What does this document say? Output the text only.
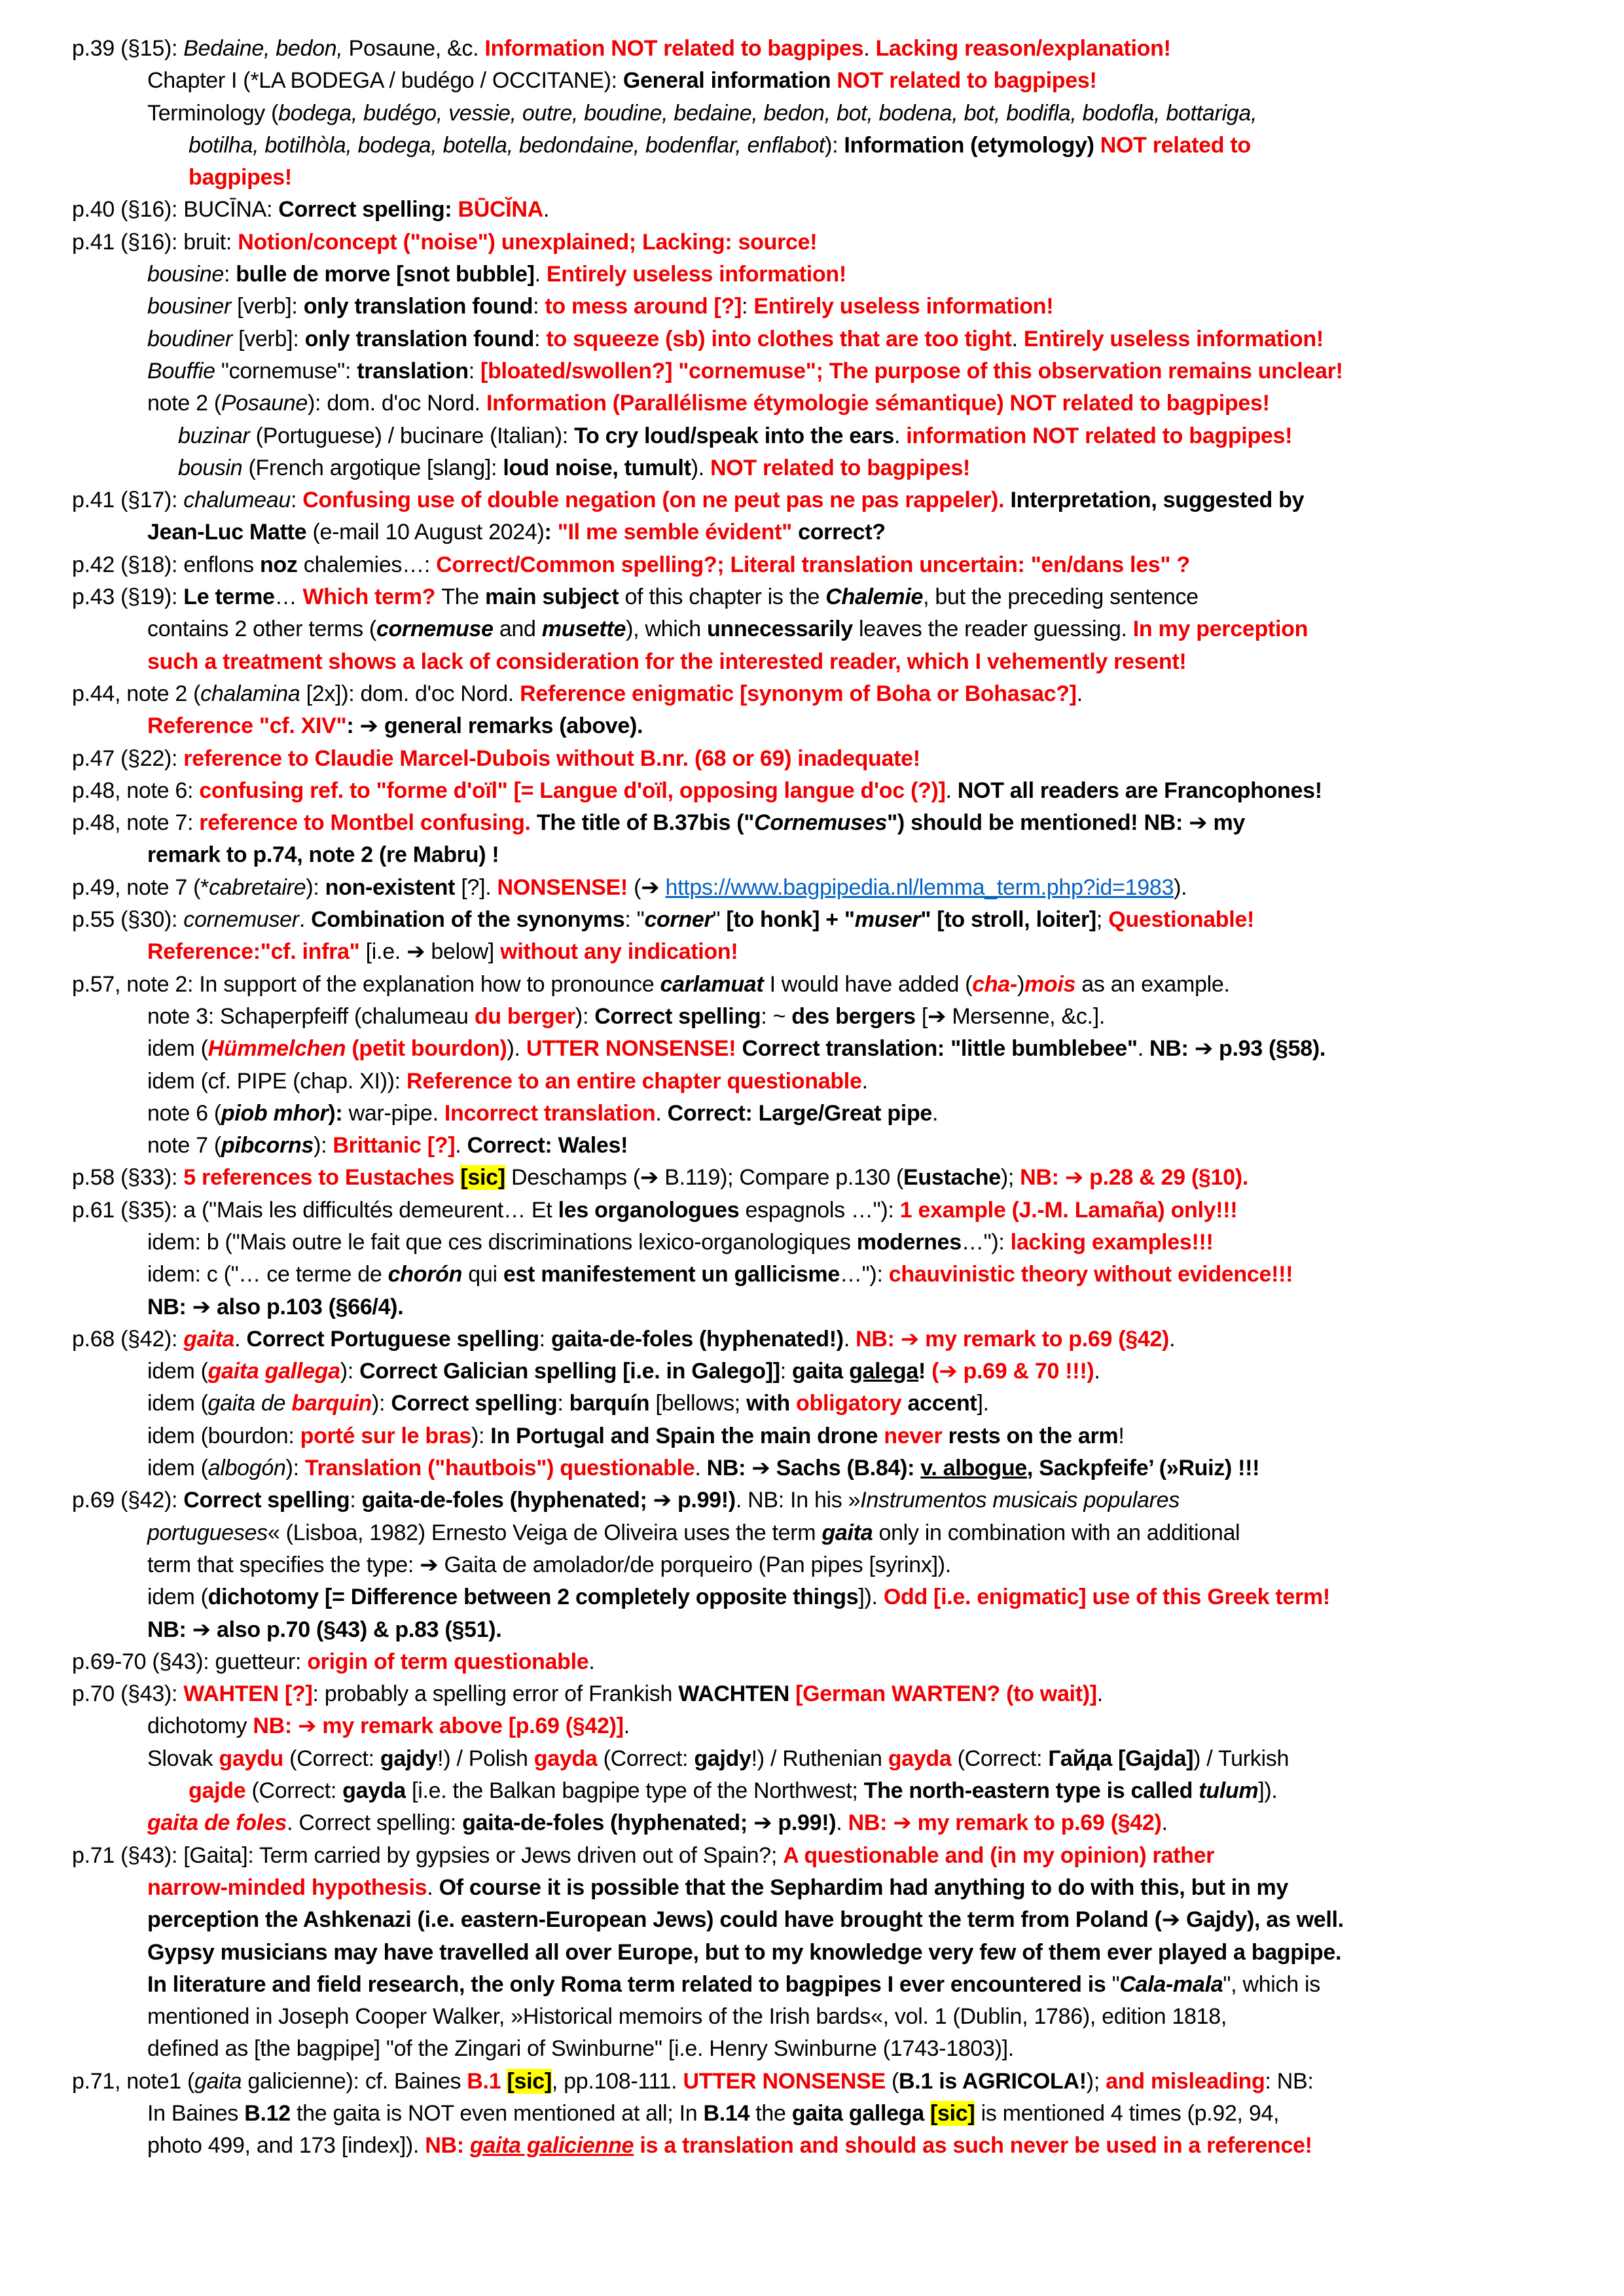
p.39 (§15): Bedaine, bedon, Posaune, &c. Information NOT related to bagpipes. Lacking reason/explanation!
Chapter I (*LA BODEGA / budégo / OCCITANE): General information NOT related to bagpipes!
Terminology (bodega, budégo, vessie, outre, boudine, bedaine, bedon, bot, bodena, bot, bodifla, bodofla, bottariga,
botilha, botilhòla, bodega, botella, bedondaine, bodenflar, enflabot): Information (etymology) NOT related to
bagpipes!
p.40 (§16): BUCĪNA: Correct spelling: BŪCĬNA.
p.41 (§16): bruit: Notion/concept ("noise") unexplained; Lacking: source!
bousine: bulle de morve [snot bubble]. Entirely useless information!
bousiner [verb]: only translation found: to mess around [?]: Entirely useless information!
boudiner [verb]: only translation found: to squeeze (sb) into clothes that are too tight. Entirely useless information!
Bouffie "cornemuse": translation: [bloated/swollen?] "cornemuse"; The purpose of this observation remains unclear!
note 2 (Posaune): dom. d'oc Nord. Information (Parallélisme étymologie sémantique) NOT related to bagpipes!
buzinar (Portuguese) / bucinare (Italian): To cry loud/speak into the ears. information NOT related to bagpipes!
bousin (French argotique [slang]: loud noise, tumult). NOT related to bagpipes!
p.41 (§17): chalumeau: Confusing use of double negation (on ne peut pas ne pas rappeler). Interpretation, suggested by
Jean-Luc Matte (e-mail 10 August 2024): "Il me semble évident" correct?
p.42 (§18): enflons noz chalemies…: Correct/Common spelling?; Literal translation uncertain: "en/dans les" ?
p.43 (§19): Le terme… Which term? The main subject of this chapter is the Chalemie, but the preceding sentence
contains 2 other terms (cornemuse and musette), which unnecessarily leaves the reader guessing. In my perception
such a treatment shows a lack of consideration for the interested reader, which I vehemently resent!
p.44, note 2 (chalamina [2x]): dom. d'oc Nord. Reference enigmatic [synonym of Boha or Bohasac?].
Reference "cf. XIV": ➔ general remarks (above).
p.47 (§22): reference to Claudie Marcel-Dubois without B.nr. (68 or 69) inadequate!
p.48, note 6: confusing ref. to "forme d'oïl" [= Langue d'oïl, opposing langue d'oc (?)]. NOT all readers are Francophones!
p.48, note 7: reference to Montbel confusing. The title of B.37bis ("Cornemuses") should be mentioned! NB: ➔ my
remark to p.74, note 2 (re Mabru) !
p.49, note 7 (*cabretaire): non-existent [?]. NONSENSE! (➔ https://www.bagpipedia.nl/lemma_term.php?id=1983).
p.55 (§30): cornemuser. Combination of the synonyms: "corner" [to honk] + "muser" [to stroll, loiter]; Questionable!
Reference:"cf. infra" [i.e. ➔ below] without any indication!
p.57, note 2: In support of the explanation how to pronounce carlamuat I would have added (cha-)mois as an example.
note 3: Schaperpfeiff (chalumeau du berger): Correct spelling: ~ des bergers [➔ Mersenne, &c.].
idem (Hümmelchen (petit bourdon)). UTTER NONSENSE! Correct translation: "little bumblebee". NB: ➔ p.93 (§58).
idem (cf. PIPE (chap. XI)): Reference to an entire chapter questionable.
note 6 (piob mhor): war-pipe. Incorrect translation. Correct: Large/Great pipe.
note 7 (pibcorns): Brittanic [?]. Correct: Wales!
p.58 (§33): 5 references to Eustaches [sic] Deschamps (➔ B.119); Compare p.130 (Eustache); NB: ➔ p.28 & 29 (§10).
p.61 (§35): a ("Mais les difficultés demeurent… Et les organologues espagnols …"): 1 example (J.-M. Lamaña) only!!!
idem: b ("Mais outre le fait que ces discriminations lexico-organologiques modernes…"): lacking examples!!!
idem: c ("… ce terme de chorón qui est manifestement un gallicisme…"): chauvinistic theory without evidence!!!
NB: ➔ also p.103 (§66/4).
p.68 (§42): gaita. Correct Portuguese spelling: gaita-de-foles (hyphenated!). NB: ➔ my remark to p.69 (§42).
idem (gaita gallega): Correct Galician spelling [i.e. in Galego]]: gaita galega! (➔ p.69 & 70 !!!).
idem (gaita de barquin): Correct spelling: barquín [bellows; with obligatory accent].
idem (bourdon: porté sur le bras): In Portugal and Spain the main drone never rests on the arm!
idem (albogón): Translation ("hautbois") questionable. NB: ➔ Sachs (B.84): v. albogue, Sackpfeife’ (»Ruiz) !!!
p.69 (§42): Correct spelling: gaita-de-foles (hyphenated; ➔ p.99!). NB: In his »Instrumentos musicais populares
portugueses« (Lisboa, 1982) Ernesto Veiga de Oliveira uses the term gaita only in combination with an additional
term that specifies the type: ➔ Gaita de amolador/de porqueiro (Pan pipes [syrinx]).
idem (dichotomy [= Difference between 2 completely opposite things]). Odd [i.e. enigmatic] use of this Greek term!
NB: ➔ also p.70 (§43) & p.83 (§51).
p.69-70 (§43): guetteur: origin of term questionable.
p.70 (§43): WAHTEN [?]: probably a spelling error of Frankish WACHTEN [German WARTEN? (to wait)].
dichotomy NB: ➔ my remark above [p.69 (§42)].
Slovak gaydu (Correct: gajdy!) / Polish gayda (Correct: gajdy!) / Ruthenian gayda (Correct: Гайда [Gajda]) / Turkish
gajde (Correct: gayda [i.e. the Balkan bagpipe type of the Northwest; The north-eastern type is called tulum]).
gaita de foles. Correct spelling: gaita-de-foles (hyphenated; ➔ p.99!). NB: ➔ my remark to p.69 (§42).
p.71 (§43): [Gaita]: Term carried by gypsies or Jews driven out of Spain?; A questionable and (in my opinion) rather
narrow-minded hypothesis. Of course it is possible that the Sephardim had anything to do with this, but in my
perception the Ashkenazi (i.e. eastern-European Jews) could have brought the term from Poland (➔ Gajdy), as well.
Gypsy musicians may have travelled all over Europe, but to my knowledge very few of them ever played a bagpipe.
In literature and field research, the only Roma term related to bagpipes I ever encountered is "Cala-mala", which is
mentioned in Joseph Cooper Walker, »Historical memoirs of the Irish bards«, vol. 1 (Dublin, 1786), edition 1818,
defined as [the bagpipe] "of the Zingari of Swinburne" [i.e. Henry Swinburne (1743-1803)].
p.71, note1 (gaita galicienne): cf. Baines B.1 [sic], pp.108-111. UTTER NONSENSE (B.1 is AGRICOLA!); and misleading: NB:
In Baines B.12 the gaita is NOT even mentioned at all; In B.14 the gaita gallega [sic] is mentioned 4 times (p.92, 94,
photo 499, and 173 [index]). NB: gaita galicienne is a translation and should as such never be used in a reference!
